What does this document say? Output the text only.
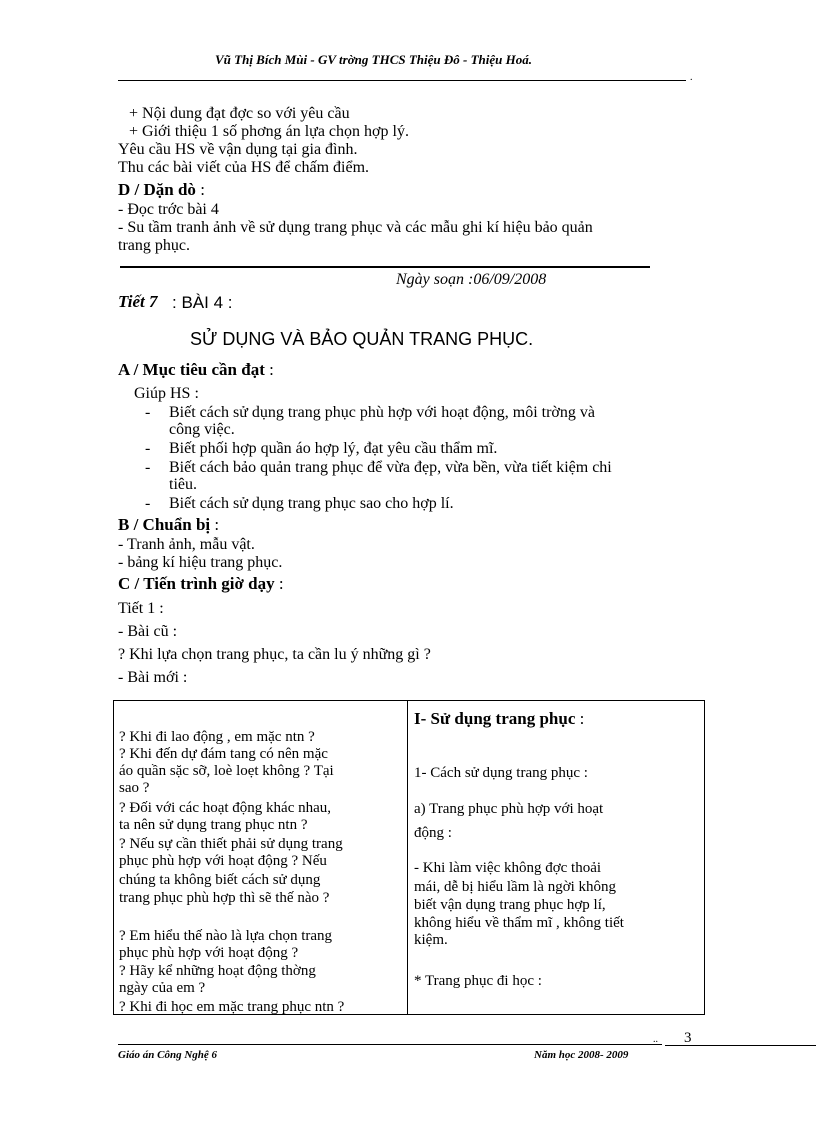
Vũ Thị Bích Mùi - GV trờng THCS Thiệu Đô - Thiệu Hoá.
.
+ Nội dung đạt đợc so với yêu cầu
+ Giới thiệu 1 số phơng án lựa chọn hợp lý.
Yêu cầu HS về vận dụng tại gia đình.
Thu các bài viết của HS để chấm điểm.
D / Dặn dò :
- Đọc trớc bài 4
- Su tầm tranh ảnh về sử dụng trang phục và các mẫu ghi kí hiệu bảo quản
trang phục.
Ngày soạn :06/09/2008
Tiết 7 : BÀI 4 :
SỬ DỤNG VÀ BẢO QUẢN TRANG PHỤC.
A / Mục tiêu cần đạt :
Giúp HS :
- Biết cách sử dụng trang phục phù hợp với hoạt động, môi trờng và
công việc.
- Biết phối hợp quần áo hợp lý, đạt yêu cầu thẩm mĩ.
- Biết cách bảo quản trang phục để vừa đẹp, vừa bền, vừa tiết kiệm chi
tiêu.
- Biết cách sử dụng trang phục sao cho hợp lí.
B / Chuẩn bị :
- Tranh ảnh, mẫu vật.
- bảng kí hiệu trang phục.
C / Tiến trình giờ dạy :
Tiết 1 :
- Bài cũ :
? Khi lựa chọn trang phục, ta cần lu ý những gì ?
- Bài mới :
? Khi đi lao động , em mặc ntn ?
? Khi đến dự đám tang có nên mặc
áo quần sặc sỡ, loè loẹt không ? Tại
sao ?
? Đối với các hoạt động khác nhau,
ta nên sử dụng trang phục ntn ?
? Nếu sự cần thiết phải sử dụng trang
phục phù hợp với hoạt động ? Nếu
chúng ta không biết cách sử dụng
trang phục phù hợp thì sẽ thế nào ?
? Em hiểu thế nào là lựa chọn trang
phục phù hợp với hoạt động ?
? Hãy kể những hoạt động thờng
ngày của em ?
? Khi đi học em mặc trang phục ntn ?
I- Sử dụng trang phục :
1- Cách sử dụng trang phục :
a) Trang phục phù hợp với hoạt
động :
- Khi làm việc không đợc thoải
mái, dễ bị hiểu lầm là ngời không
biết vận dụng trang phục hợp lí,
không hiểu về thẩm mĩ , không tiết
kiệm.
* Trang phục đi học :
.. 3
Giáo án Công Nghệ 6	Năm học 2008- 2009
